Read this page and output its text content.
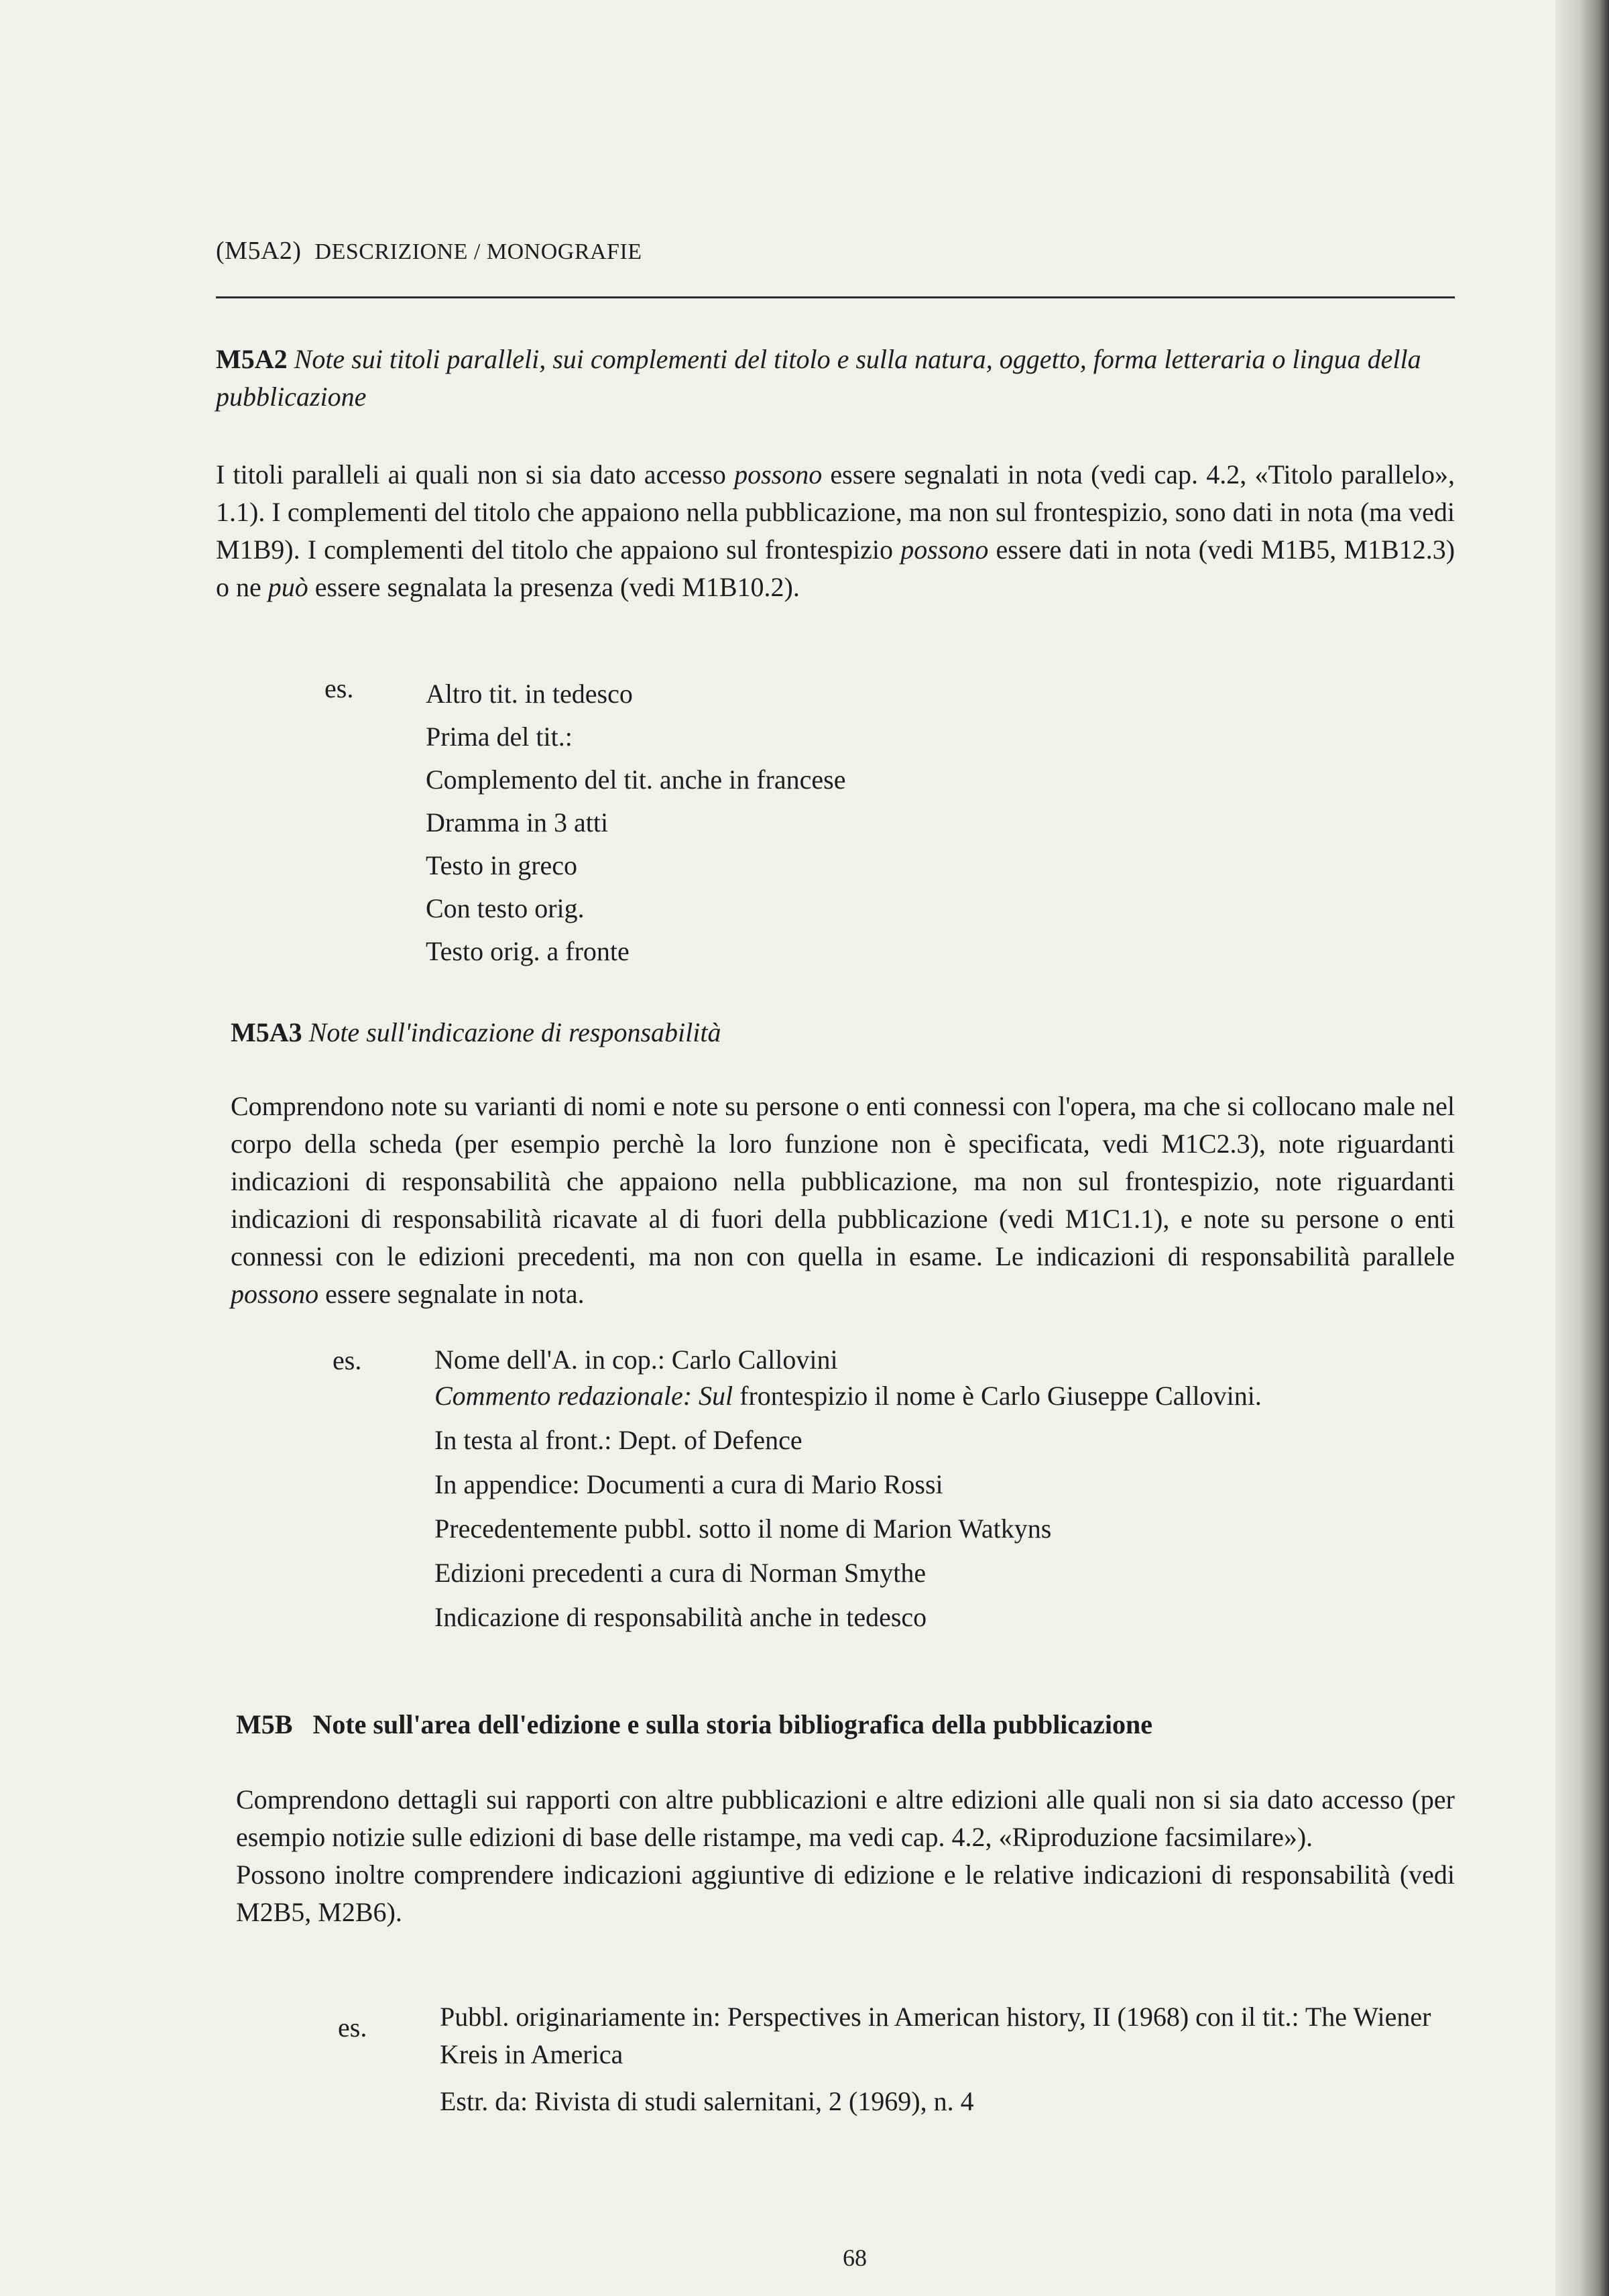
(M5A2) DESCRIZIONE / MONOGRAFIE
M5A2 Note sui titoli paralleli, sui complementi del titolo e sulla natura, oggetto, forma letteraria o lingua della pubblicazione

I titoli paralleli ai quali non si sia dato accesso possono essere segnalati in nota (vedi cap. 4.2, «Titolo parallelo», 1.1). I complementi del titolo che appaiono nella pubblicazione, ma non sul frontespizio, sono dati in nota (ma vedi M1B9). I complementi del titolo che appaiono sul frontespizio possono essere dati in nota (vedi M1B5, M1B12.3) o ne può essere segnalata la presenza (vedi M1B10.2).

es.	Altro tit. in tedesco
Prima del tit.:
Complemento del tit. anche in francese
Dramma in 3 atti
Testo in greco
Con testo orig.
Testo orig. a fronte
M5A3 Note sull'indicazione di responsabilità

Comprendono note su varianti di nomi e note su persone o enti connessi con l'opera, ma che si collocano male nel corpo della scheda (per esempio perchè la loro funzione non è specificata, vedi M1C2.3), note riguardanti indicazioni di responsabilità che appaiono nella pubblicazione, ma non sul frontespizio, note riguardanti indicazioni di responsabilità ricavate al di fuori della pubblicazione (vedi M1C1.1), e note su persone o enti connessi con le edizioni precedenti, ma non con quella in esame. Le indicazioni di responsabilità parallele possono essere segnalate in nota.

es.	Nome dell'A. in cop.: Carlo Callovini
Commento redazionale: Sul frontespizio il nome è Carlo Giuseppe Callovini.
In testa al front.: Dept. of Defence
In appendice: Documenti a cura di Mario Rossi
Precedentemente pubbl. sotto il nome di Marion Watkyns
Edizioni precedenti a cura di Norman Smythe
Indicazione di responsabilità anche in tedesco
M5B Note sull'area dell'edizione e sulla storia bibliografica della pubblicazione

Comprendono dettagli sui rapporti con altre pubblicazioni e altre edizioni alle quali non si sia dato accesso (per esempio notizie sulle edizioni di base delle ristampe, ma vedi cap. 4.2, «Riproduzione facsimilare»).

Possono inoltre comprendere indicazioni aggiuntive di edizione e le relative indicazioni di responsabilità (vedi M2B5, M2B6).

es.	Pubbl. originariamente in: Perspectives in American history, II (1968) con il tit.: The Wiener Kreis in America
Estr. da: Rivista di studi salernitani, 2 (1969), n. 4
68
